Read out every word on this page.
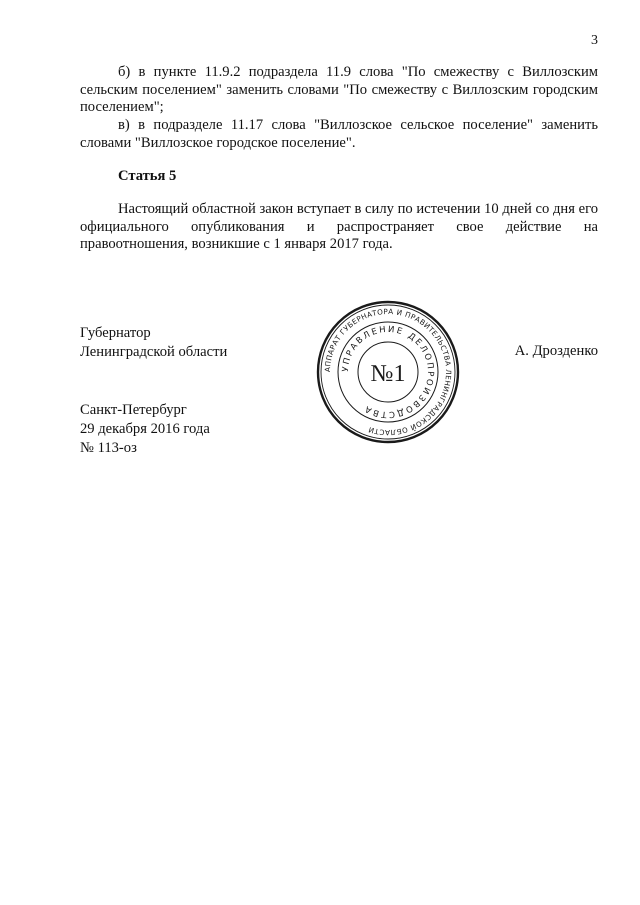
3
б) в пункте 11.9.2 подраздела 11.9 слова "По смежеству с Виллозским сельским поселением" заменить словами "По смежеству с Виллозским городским поселением";
в) в подразделе 11.17 слова "Виллозское сельское поселение" заменить словами "Виллозское городское поселение".
Статья 5
Настоящий областной закон вступает в силу по истечении 10 дней со дня его официального опубликования и распространяет свое действие на правоотношения, возникшие с 1 января 2017 года.
Губернатор
Ленинградской области	А. Дрозденко
АППАРАТ ГУБЕРНАТОРА И ПРАВИТЕЛЬСТВА ЛЕНИНГРАДСКОЙ ОБЛАСТИ
УПРАВЛЕНИЕ ДЕЛОПРОИЗВОДСТВА
№1
Санкт-Петербург
29 декабря 2016 года
№ 113-оз
